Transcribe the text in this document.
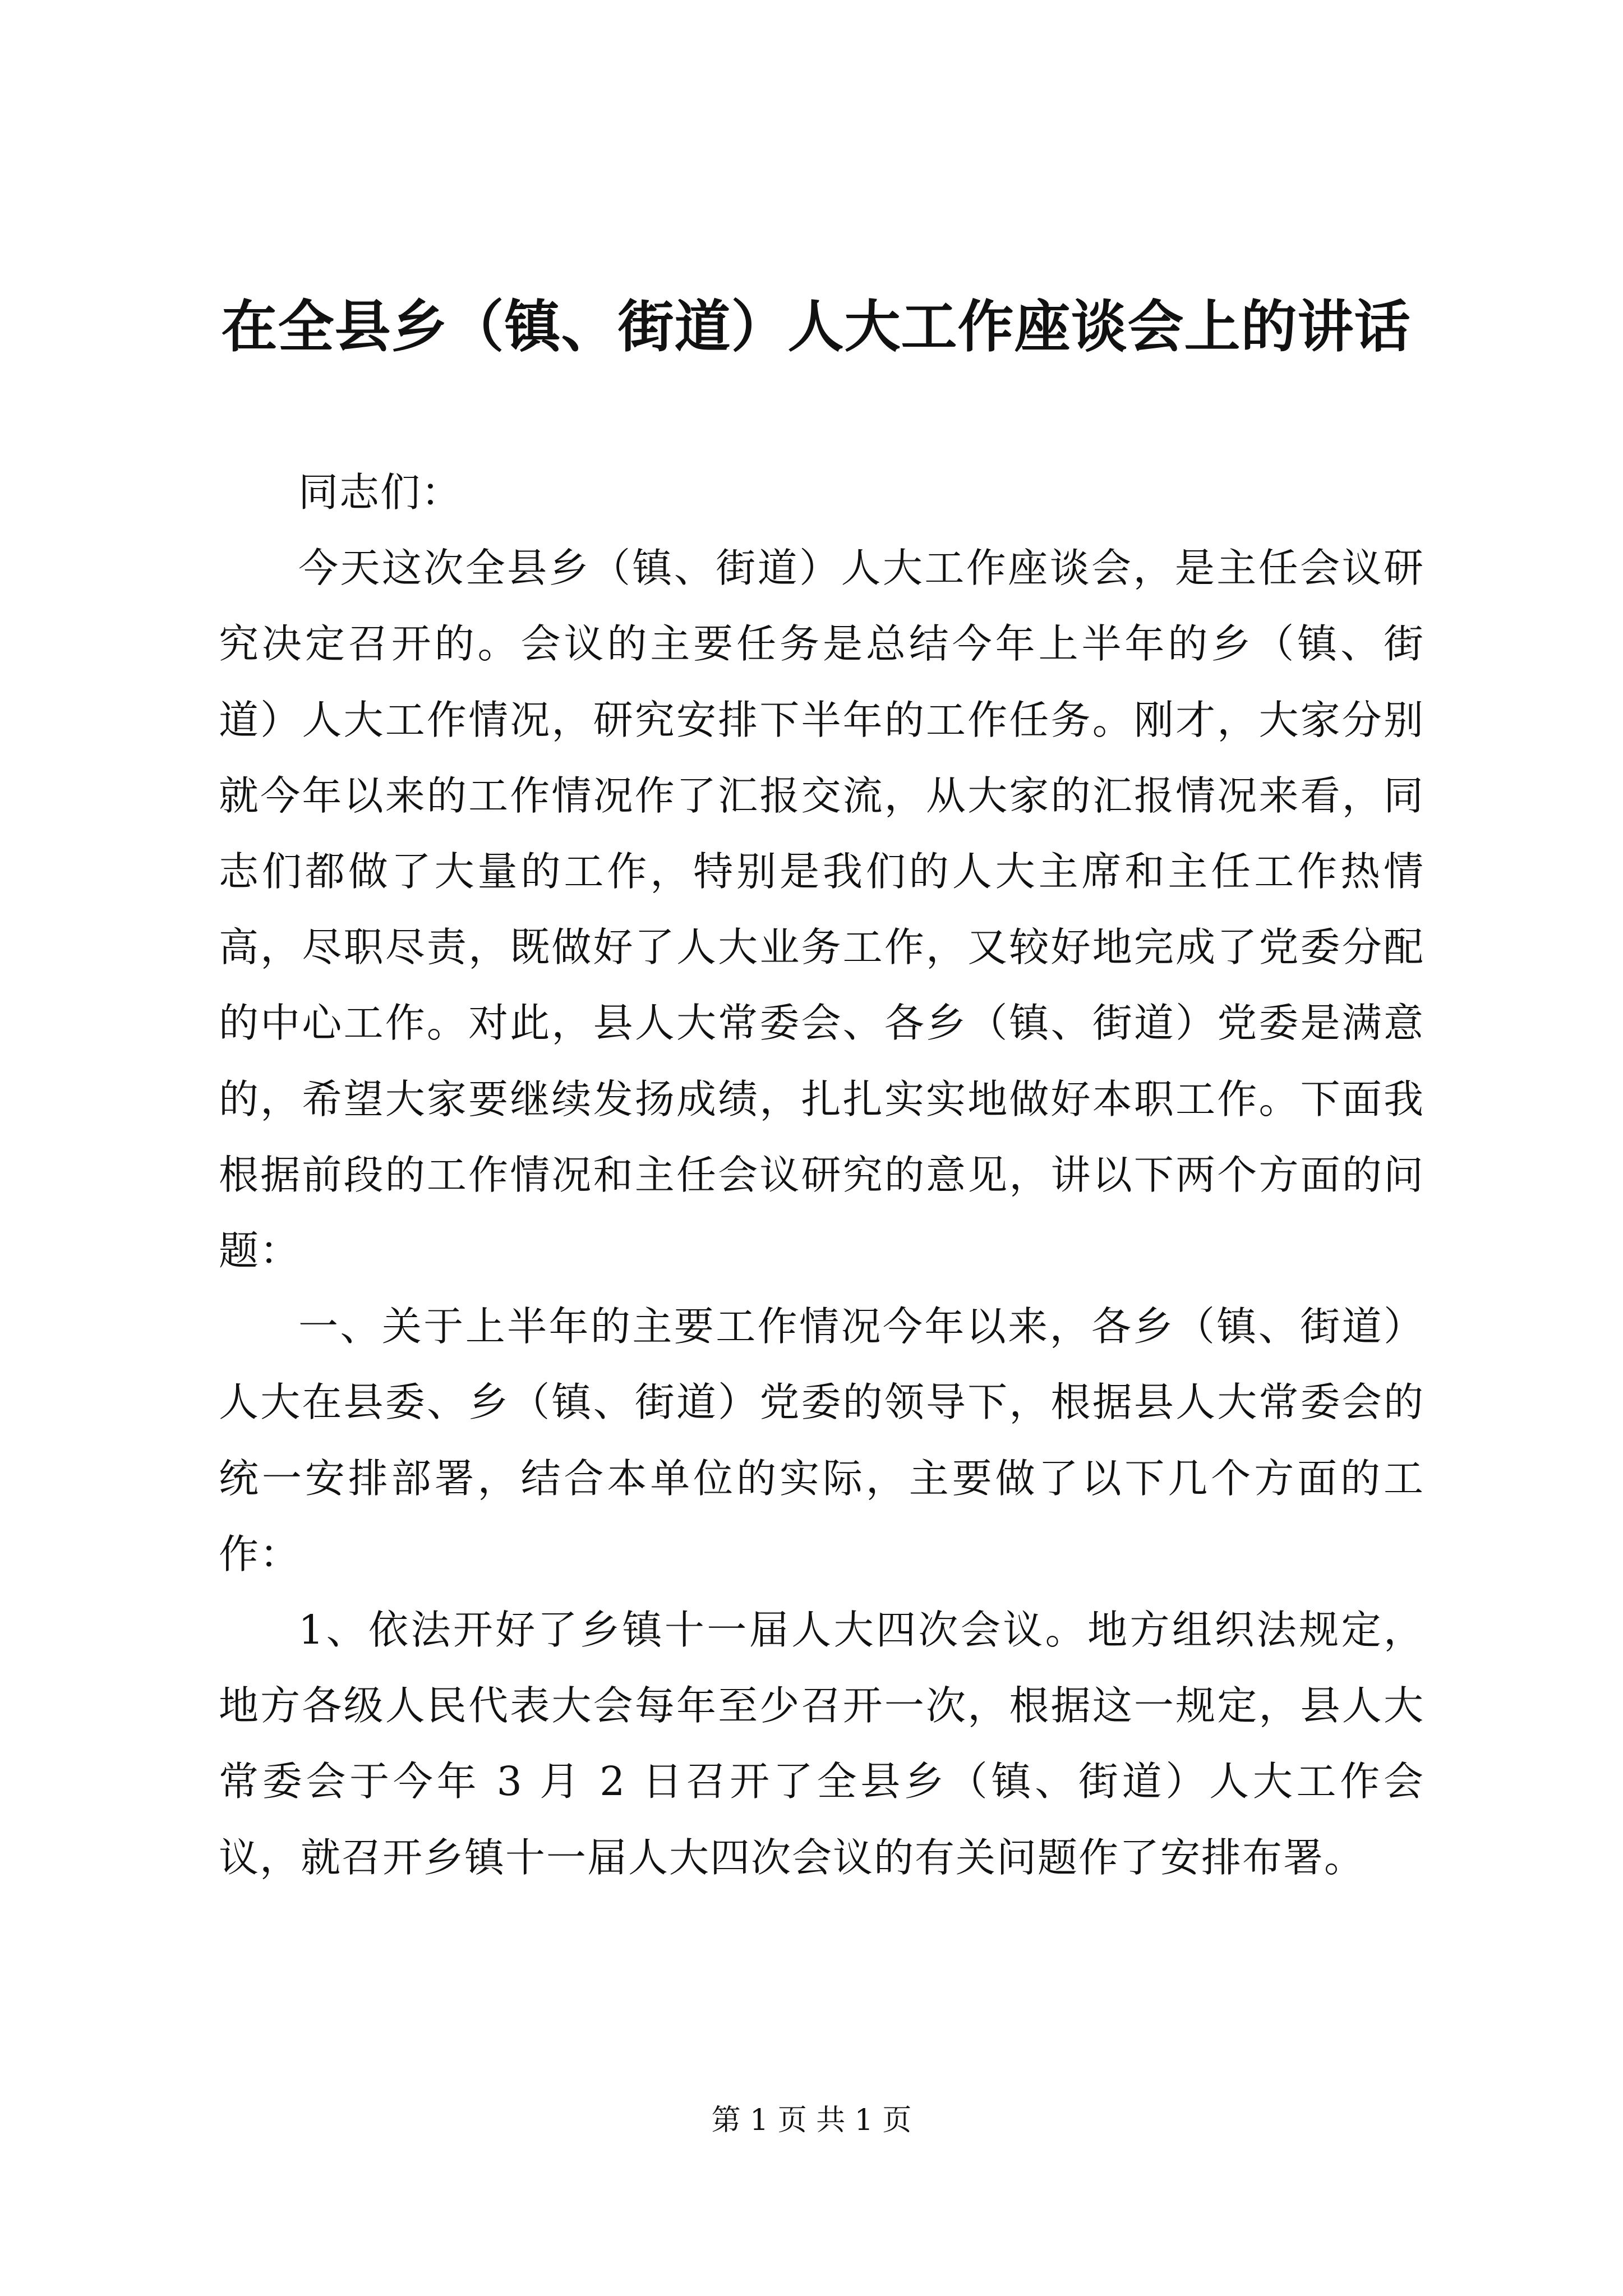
在全县乡（镇、街道）人大工作座谈会上的讲话

同志们：

今天这次全县乡（镇、街道）人大工作座谈会，是主任会议研究决定召开的。会议的主要任务是总结今年上半年的乡（镇、街道）人大工作情况，研究安排下半年的工作任务。刚才，大家分别就今年以来的工作情况作了汇报交流，从大家的汇报情况来看，同志们都做了大量的工作，特别是我们的人大主席和主任工作热情高，尽职尽责，既做好了人大业务工作，又较好地完成了党委分配的中心工作。对此，县人大常委会、各乡（镇、街道）党委是满意的，希望大家要继续发扬成绩，扎扎实实地做好本职工作。下面我根据前段的工作情况和主任会议研究的意见，讲以下两个方面的问题：

一、关于上半年的主要工作情况今年以来，各乡（镇、街道）人大在县委、乡（镇、街道）党委的领导下，根据县人大常委会的统一安排部署，结合本单位的实际，主要做了以下几个方面的工作：

1、依法开好了乡镇十一届人大四次会议。地方组织法规定，地方各级人民代表大会每年至少召开一次，根据这一规定，县人大常委会于今年 3 月 2 日召开了全县乡（镇、街道）人大工作会议，就召开乡镇十一届人大四次会议的有关问题作了安排布署。

第 1 页 共 1 页
